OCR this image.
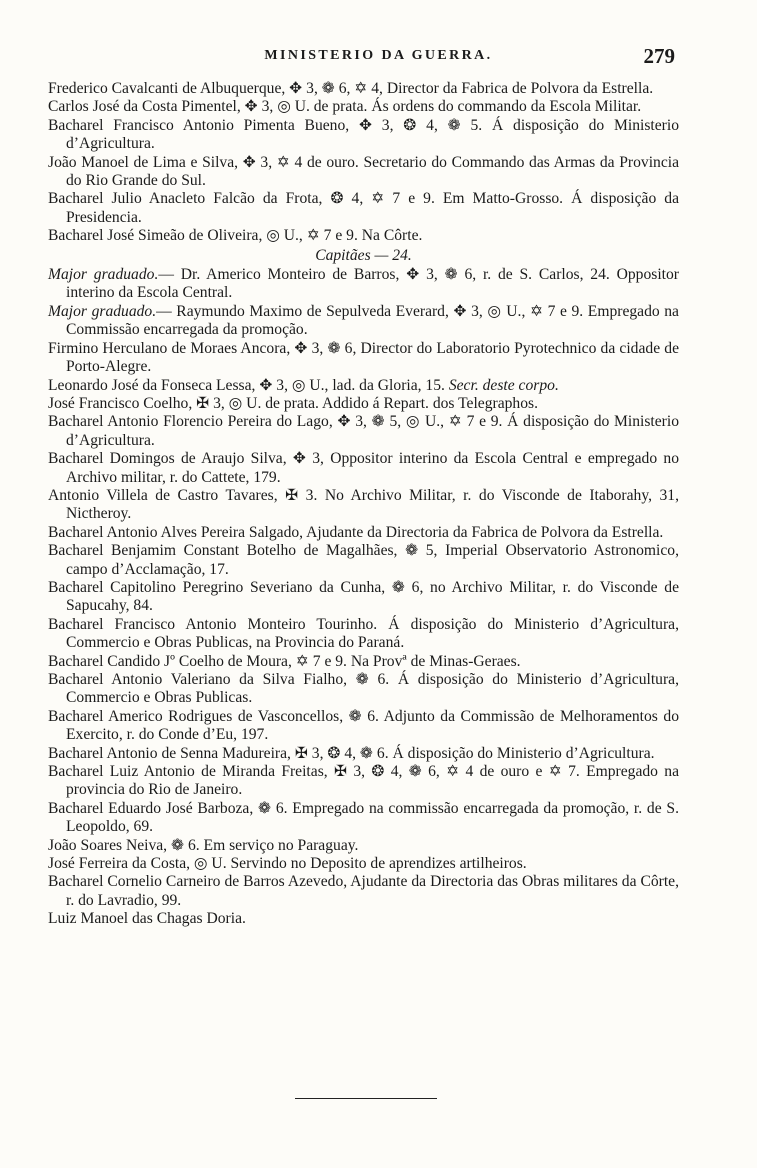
MINISTERIO DA GUERRA.	279

Frederico Cavalcanti de Albuquerque, ✥ 3, ❁ 6, ✡ 4, Director da Fabrica de Polvora da Estrella.

Carlos José da Costa Pimentel, ✥ 3, ◎ U. de prata. Ás ordens do commando da Escola Militar.

Bacharel Francisco Antonio Pimenta Bueno, ✥ 3, ❂ 4, ❁ 5. Á disposição do Ministerio d’Agricultura.

João Manoel de Lima e Silva, ✥ 3, ✡ 4 de ouro. Secretario do Commando das Armas da Provincia do Rio Grande do Sul.

Bacharel Julio Anacleto Falcão da Frota, ❂ 4, ✡ 7 e 9. Em Matto-Grosso. Á disposição da Presidencia.

Bacharel José Simeão de Oliveira, ◎ U., ✡ 7 e 9. Na Côrte.

Capitães — 24.

Major graduado.— Dr. Americo Monteiro de Barros, ✥ 3, ❁ 6, r. de S. Carlos, 24. Oppositor interino da Escola Central.

Major graduado.— Raymundo Maximo de Sepulveda Everard, ✥ 3, ◎ U., ✡ 7 e 9. Empregado na Commissão encarregada da promoção.

Firmino Herculano de Moraes Ancora, ✥ 3, ❁ 6, Director do Laboratorio Pyrotechnico da cidade de Porto-Alegre.

Leonardo José da Fonseca Lessa, ✥ 3, ◎ U., lad. da Gloria, 15. Secr. deste corpo.

José Francisco Coelho, ✠ 3, ◎ U. de prata. Addido á Repart. dos Telegraphos.

Bacharel Antonio Florencio Pereira do Lago, ✥ 3, ❁ 5, ◎ U., ✡ 7 e 9. Á disposição do Ministerio d’Agricultura.

Bacharel Domingos de Araujo Silva, ✥ 3, Oppositor interino da Escola Central e empregado no Archivo militar, r. do Cattete, 179.

Antonio Villela de Castro Tavares, ✠ 3. No Archivo Militar, r. do Visconde de Itaborahy, 31, Nictheroy.

Bacharel Antonio Alves Pereira Salgado, Ajudante da Directoria da Fabrica de Polvora da Estrella.

Bacharel Benjamim Constant Botelho de Magalhães, ❁ 5, Imperial Observatorio Astronomico, campo d’Acclamação, 17.

Bacharel Capitolino Peregrino Severiano da Cunha, ❁ 6, no Archivo Militar, r. do Visconde de Sapucahy, 84.

Bacharel Francisco Antonio Monteiro Tourinho. Á disposição do Ministerio d’Agricultura, Commercio e Obras Publicas, na Provincia do Paraná.

Bacharel Candido Jº Coelho de Moura, ✡ 7 e 9. Na Provª de Minas-Geraes.

Bacharel Antonio Valeriano da Silva Fialho, ❁ 6. Á disposição do Ministerio d’Agricultura, Commercio e Obras Publicas.

Bacharel Americo Rodrigues de Vasconcellos, ❁ 6. Adjunto da Commissão de Melhoramentos do Exercito, r. do Conde d’Eu, 197.

Bacharel Antonio de Senna Madureira, ✠ 3, ❂ 4, ❁ 6. Á disposição do Ministerio d’Agricultura.

Bacharel Luiz Antonio de Miranda Freitas, ✠ 3, ❂ 4, ❁ 6, ✡ 4 de ouro e ✡ 7. Empregado na provincia do Rio de Janeiro.

Bacharel Eduardo José Barboza, ❁ 6. Empregado na commissão encarregada da promoção, r. de S. Leopoldo, 69.

João Soares Neiva, ❁ 6. Em serviço no Paraguay.

José Ferreira da Costa, ◎ U. Servindo no Deposito de aprendizes artilheiros.

Bacharel Cornelio Carneiro de Barros Azevedo, Ajudante da Directoria das Obras militares da Côrte, r. do Lavradio, 99.

Luiz Manoel das Chagas Doria.
